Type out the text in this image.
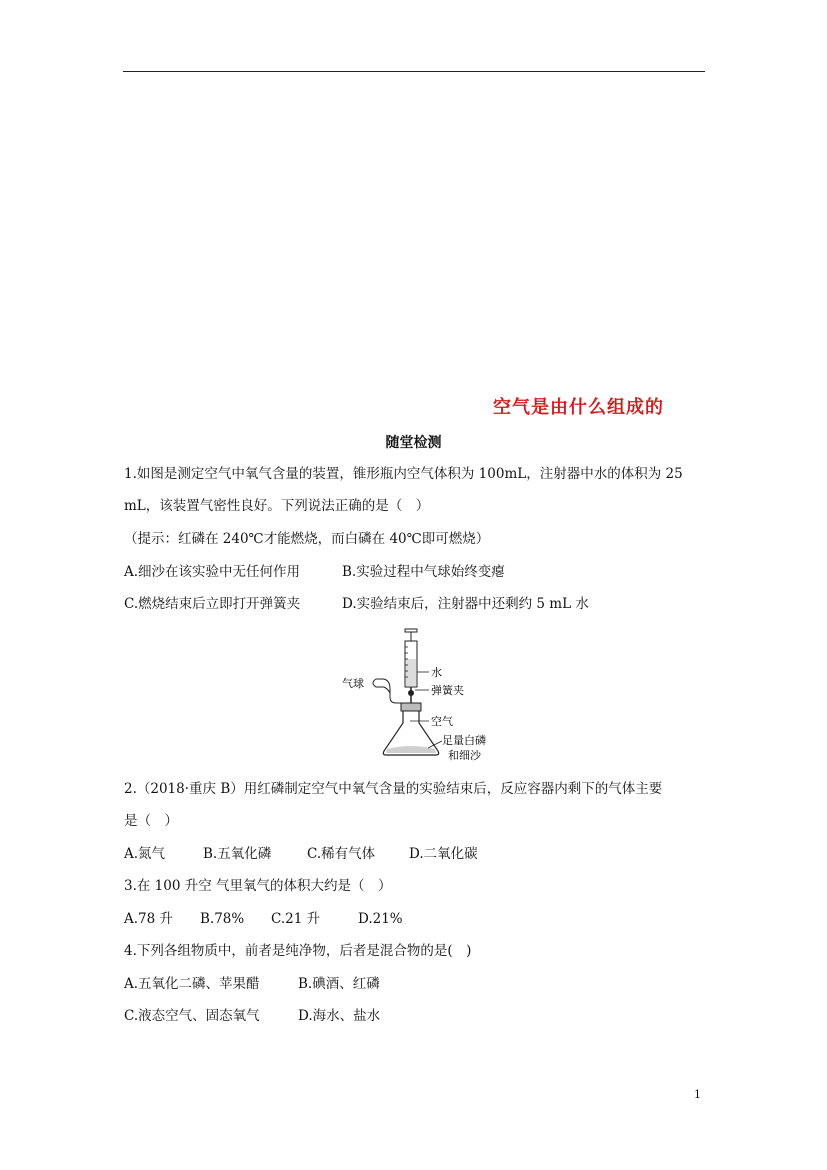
空气是由什么组成的
随堂检测
1.如图是测定空气中氧气含量的装置，锥形瓶内空气体积为 100mL，注射器中水的体积为 25
mL，该装置气密性良好。下列说法正确的是（　）
（提示：红磷在 240℃才能燃烧，而白磷在 40℃即可燃烧）
A.细沙在该实验中无任何作用	B.实验过程中气球始终变瘪
C.燃烧结束后立即打开弹簧夹	D.实验结束后，注射器中还剩约 5 mL 水
气球
水
弹簧夹
空气
足量白磷
和细沙
2.（2018·重庆 B）用红磷制定空气中氧气含量的实验结束后，反应容器内剩下的气体主要
是（　）
A.氮气	B.五氧化磷	C.稀有气体	D.二氧化碳
3.在 100 升空 气里氧气的体积大约是（　）
A.78 升 B.78% C.21 升	D.21%
4.下列各组物质中，前者是纯净物，后者是混合物的是(　)
A.五氧化二磷、苹果醋	B.碘酒、红磷
C.液态空气、固态氧气	D.海水、盐水
1
